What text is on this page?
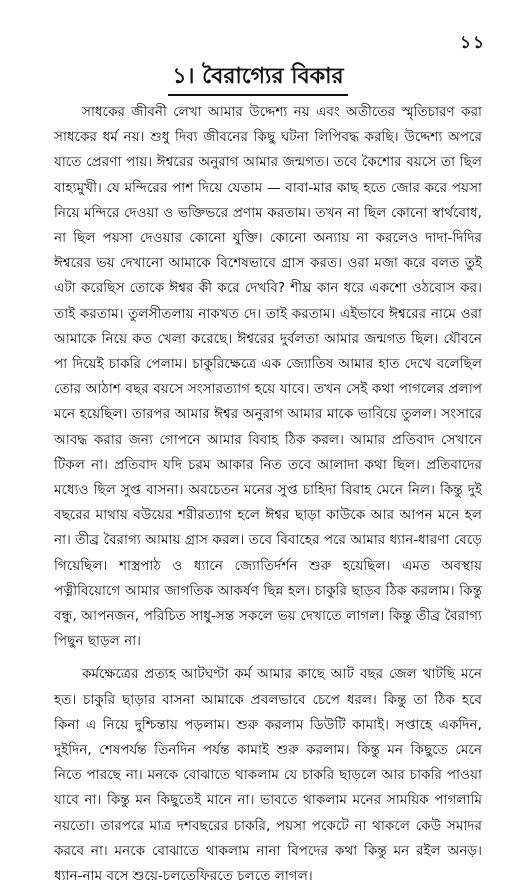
১১
১। বৈরাগ্যের বিকার

সাধকের জীবনী লেখা আমার উদ্দেশ্য নয় এবং অতীতের স্মৃতিচারণ করা সাধকের ধর্ম নয়। শুধু দিব্য জীবনের কিছু ঘটনা লিপিবদ্ধ করছি। উদ্দেশ্য অপরে যাতে প্রেরণা পায়। ঈশ্বরের অনুরাগ আমার জন্মগত। তবে কৈশোর বয়সে তা ছিল বাহ্যমুখী। যে মন্দিরের পাশ দিয়ে যেতাম — বাবা-মার কাছ হতে জোর করে পয়সা নিয়ে মন্দিরে দেওয়া ও ভক্তিভরে প্রণাম করতাম। তখন না ছিল কোনো স্বার্থবোধ, না ছিল পয়সা দেওয়ার কোনো যুক্তি। কোনো অন্যায় না করলেও দাদা-দিদির ঈশ্বরের ভয় দেখানো আমাকে বিশেষভাবে গ্রাস করত। ওরা মজা করে বলত তুই এটা করেছিস তোকে ঈশ্বর কী করে দেখবি? শীঘ্র কান ধরে একশো ওঠবোস কর। তাই করতাম। তুলসীতলায় নাকখত দে। তাই করতাম। এইভাবে ঈশ্বরের নামে ওরা আমাকে নিয়ে কত খেলা করেছে। ঈশ্বরের দুর্বলতা আমার জন্মগত ছিল। যৌবনে পা দিয়েই চাকরি পেলাম। চাকুরিক্ষেত্রে এক জ্যোতিষ আমার হাত দেখে বলেছিল তোর আঠাশ বছর বয়সে সংসারত্যাগ হয়ে যাবে। তখন সেই কথা পাগলের প্রলাপ মনে হয়েছিল। তারপর আমার ঈশ্বর অনুরাগ আমার মাকে ভাবিয়ে তুলল। সংসারে আবদ্ধ করার জন্য গোপনে আমার বিবাহ ঠিক করল। আমার প্রতিবাদ সেখানে টিকল না। প্রতিবাদ যদি চরম আকার নিত তবে আলাদা কথা ছিল। প্রতিবাদের মধ্যেও ছিল সুপ্ত বাসনা। অবচেতন মনের সুপ্ত চাহিদা বিবাহ মেনে নিল। কিন্তু দুই বছরের মাথায় বউয়ের শরীরত্যাগ হলে ঈশ্বর ছাড়া কাউকে আর আপন মনে হল না। তীব্র বৈরাগ্য আমায় গ্রাস করল। তবে বিবাহের পরে আমার ধ্যান-ধারণা বেড়ে গিয়েছিল। শাস্ত্রপাঠ ও ধ্যানে জ্যোতির্দর্শন শুরু হয়েছিল। এমত অবস্থায় পত্নীবিয়োগে আমার জাগতিক আকর্ষণ ছিন্ন হল। চাকুরি ছাড়ব ঠিক করলাম। কিন্তু বন্ধু, আপনজন, পরিচিত সাধু-সন্ত সকলে ভয় দেখাতে লাগল। কিন্তু তীব্র বৈরাগ্য পিছুন ছাড়ল না।

কর্মক্ষেত্রের প্রত্যহ আটঘণ্টা কর্ম আমার কাছে আট বছর জেল খাটছি মনে হত। চাকুরি ছাড়ার বাসনা আমাকে প্রবলভাবে চেপে ধরল। কিন্তু তা ঠিক হবে কিনা এ নিয়ে দুশ্চিন্তায় পড়লাম। শুরু করলাম ডিউটি কামাই। সপ্তাহে একদিন, দুইদিন, শেষপর্যন্ত তিনদিন পর্যন্ত কামাই শুরু করলাম। কিন্তু মন কিছুতে মেনে নিতে পারছে না। মনকে বোঝাতে থাকলাম যে চাকরি ছাড়লে আর চাকরি পাওয়া যাবে না। কিন্তু মন কিছুতেই মানে না। ভাবতে থাকলাম মনের সাময়িক পাগলামি নয়তো। তারপরে মাত্র দশবছরের চাকরি, পয়সা পকেটে না থাকলে কেউ সমাদর করবে না। মনকে বোঝাতে থাকলাম নানা বিপদের কথা কিন্তু মন রইল অনড়। ধ্যান-নাম বসে শুয়ে-চলতেফিরতে চলতে লাগল।
